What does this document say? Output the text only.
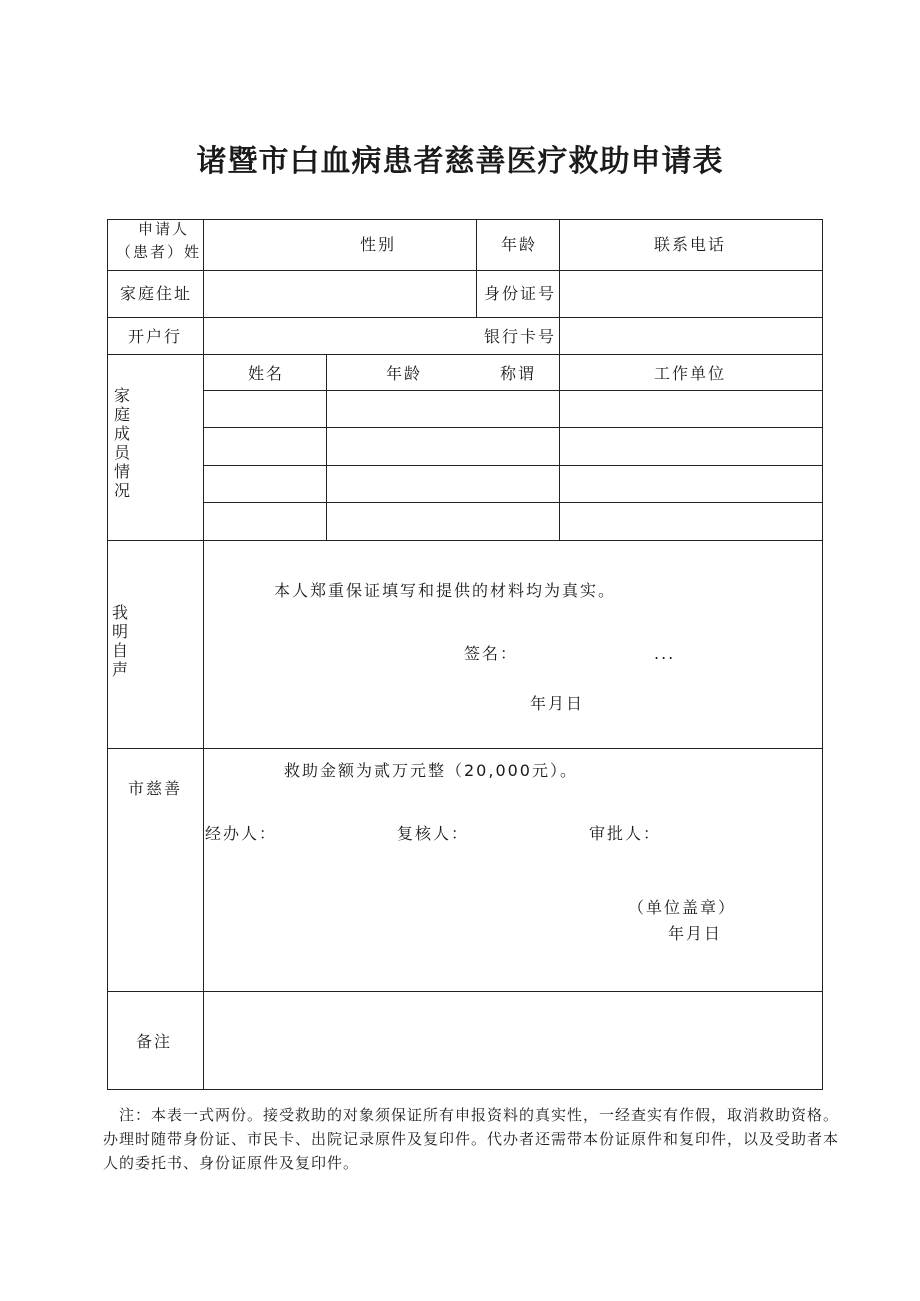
诸暨市白血病患者慈善医疗救助申请表
申请人
（患者）姓	性别	年龄	联系电话
家庭住址	身份证号
开户行	银行卡号
姓名	年龄	称谓	工作单位
家
庭
成
员
情
况
我
明
自
声
本人郑重保证填写和提供的材料均为真实。
签名：	...
年月日
市慈善
救助金额为贰万元整（20,000元）。
经办人：	复核人：	审批人：
（单位盖章）
年月日
备注
注：本表一式两份。接受救助的对象须保证所有申报资料的真实性，一经查实有作假，取消救助资格。办理时随带身份证、市民卡、出院记录原件及复印件。代办者还需带本份证原件和复印件，以及受助者本人的委托书、身份证原件及复印件。
